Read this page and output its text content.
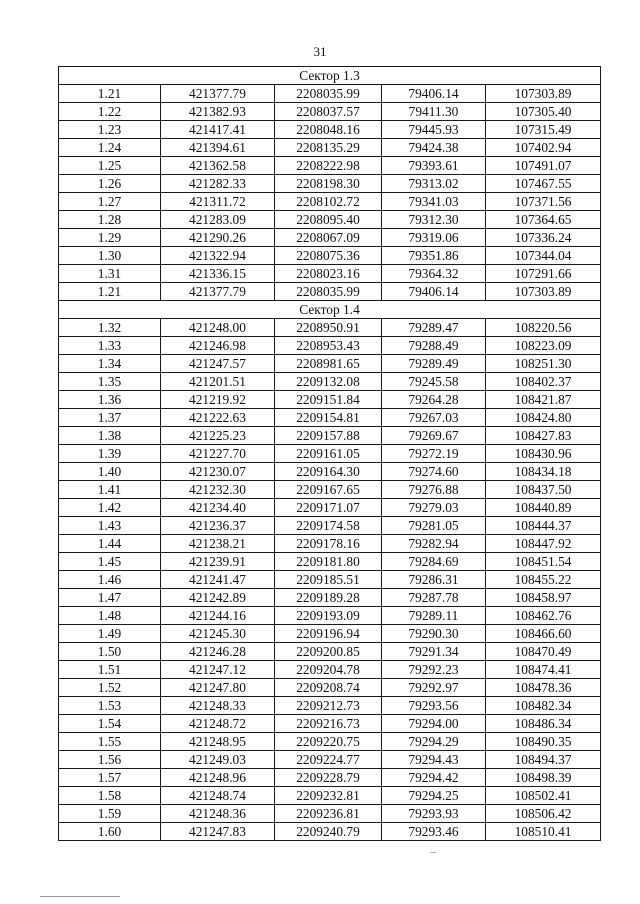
31
Сектор 1.3				
1.21	421377.79	2208035.99	79406.14	107303.89
1.22	421382.93	2208037.57	79411.30	107305.40
1.23	421417.41	2208048.16	79445.93	107315.49
1.24	421394.61	2208135.29	79424.38	107402.94
1.25	421362.58	2208222.98	79393.61	107491.07
1.26	421282.33	2208198.30	79313.02	107467.55
1.27	421311.72	2208102.72	79341.03	107371.56
1.28	421283.09	2208095.40	79312.30	107364.65
1.29	421290.26	2208067.09	79319.06	107336.24
1.30	421322.94	2208075.36	79351.86	107344.04
1.31	421336.15	2208023.16	79364.32	107291.66
1.21	421377.79	2208035.99	79406.14	107303.89
Сектор 1.4				
1.32	421248.00	2208950.91	79289.47	108220.56
1.33	421246.98	2208953.43	79288.49	108223.09
1.34	421247.57	2208981.65	79289.49	108251.30
1.35	421201.51	2209132.08	79245.58	108402.37
1.36	421219.92	2209151.84	79264.28	108421.87
1.37	421222.63	2209154.81	79267.03	108424.80
1.38	421225.23	2209157.88	79269.67	108427.83
1.39	421227.70	2209161.05	79272.19	108430.96
1.40	421230.07	2209164.30	79274.60	108434.18
1.41	421232.30	2209167.65	79276.88	108437.50
1.42	421234.40	2209171.07	79279.03	108440.89
1.43	421236.37	2209174.58	79281.05	108444.37
1.44	421238.21	2209178.16	79282.94	108447.92
1.45	421239.91	2209181.80	79284.69	108451.54
1.46	421241.47	2209185.51	79286.31	108455.22
1.47	421242.89	2209189.28	79287.78	108458.97
1.48	421244.16	2209193.09	79289.11	108462.76
1.49	421245.30	2209196.94	79290.30	108466.60
1.50	421246.28	2209200.85	79291.34	108470.49
1.51	421247.12	2209204.78	79292.23	108474.41
1.52	421247.80	2209208.74	79292.97	108478.36
1.53	421248.33	2209212.73	79293.56	108482.34
1.54	421248.72	2209216.73	79294.00	108486.34
1.55	421248.95	2209220.75	79294.29	108490.35
1.56	421249.03	2209224.77	79294.43	108494.37
1.57	421248.96	2209228.79	79294.42	108498.39
1.58	421248.74	2209232.81	79294.25	108502.41
1.59	421248.36	2209236.81	79293.93	108506.42
1.60	421247.83	2209240.79	79293.46	108510.41
